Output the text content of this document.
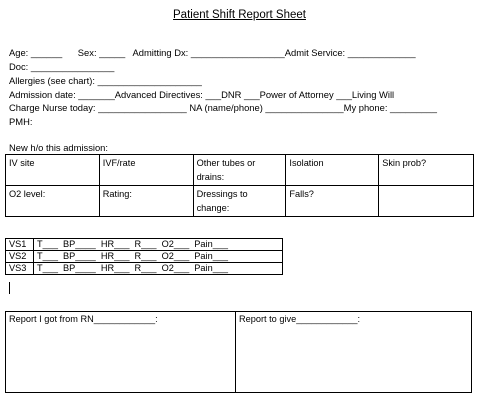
Patient Shift Report Sheet
Age: ______      Sex: _____   Admitting Dx: __________________Admit Service: _____________
Doc: ________________
Allergies (see chart): ____________________
Admission date: _______Advanced Directives: ___DNR ___Power of Attorney ___Living Will
Charge Nurse today: _________________ NA (name/phone) _______________My phone: _________
PMH:
New h/o this admission:
IV site	IVF/rate	Other tubes or drains:	Isolation	Skin prob?
O2 level:	Rating:	Dressings to change:	Falls?	
VS1	T___  BP____  HR___  R___  O2___  Pain___
VS2	T___  BP____  HR___  R___  O2___  Pain___
VS3	T___  BP____  HR___  R___  O2___  Pain___
Report I got from RN____________:	Report to give____________:
